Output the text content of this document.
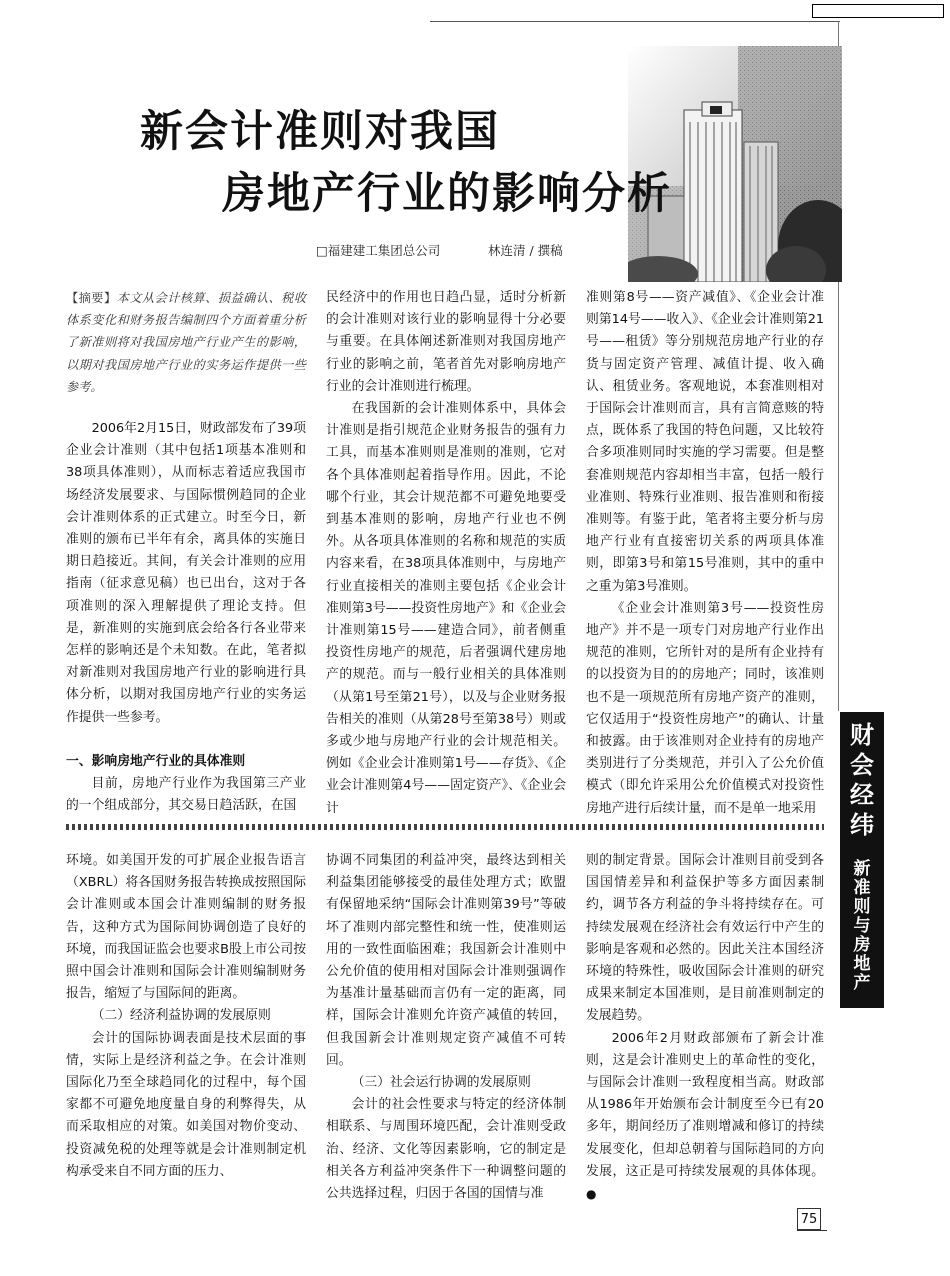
新会计准则对我国
房地产行业的影响分析
□福建建工集团总公司	林连清 / 撰稿
【摘要】本文从会计核算、损益确认、税收体系变化和财务报告编制四个方面着重分析了新准则将对我国房地产行业产生的影响，以期对我国房地产行业的实务运作提供一些参考。

2006年2月15日，财政部发布了39项企业会计准则（其中包括1项基本准则和38项具体准则），从而标志着适应我国市场经济发展要求、与国际惯例趋同的企业会计准则体系的正式建立。时至今日，新准则的颁布已半年有余，离具体的实施日期日趋接近。其间，有关会计准则的应用指南（征求意见稿）也已出台，这对于各项准则的深入理解提供了理论支持。但是，新准则的实施到底会给各行各业带来怎样的影响还是个未知数。在此，笔者拟对新准则对我国房地产行业的影响进行具体分析，以期对我国房地产行业的实务运作提供一些参考。

一、影响房地产行业的具体准则

目前，房地产行业作为我国第三产业的一个组成部分，其交易日趋活跃，在国

民经济中的作用也日趋凸显，适时分析新的会计准则对该行业的影响显得十分必要与重要。在具体阐述新准则对我国房地产行业的影响之前，笔者首先对影响房地产行业的会计准则进行梳理。

在我国新的会计准则体系中，具体会计准则是指引规范企业财务报告的强有力工具，而基本准则则是准则的准则，它对各个具体准则起着指导作用。因此，不论哪个行业，其会计规范都不可避免地要受到基本准则的影响，房地产行业也不例外。从各项具体准则的名称和规范的实质内容来看，在38项具体准则中，与房地产行业直接相关的准则主要包括《企业会计准则第3号——投资性房地产》和《企业会计准则第15号——建造合同》，前者侧重投资性房地产的规范，后者强调代建房地产的规范。而与一般行业相关的具体准则（从第1号至第21号），以及与企业财务报告相关的准则（从第28号至第38号）则或多或少地与房地产行业的会计规范相关。例如《企业会计准则第1号——存货》、《企业会计准则第4号——固定资产》、《企业会计

准则第8号——资产减值》、《企业会计准则第14号——收入》、《企业会计准则第21号——租赁》等分别规范房地产行业的存货与固定资产管理、减值计提、收入确认、租赁业务。客观地说，本套准则相对于国际会计准则而言，具有言简意赅的特点，既体系了我国的特色问题，又比较符合多项准则同时实施的学习需要。但是整套准则规范内容却相当丰富，包括一般行业准则、特殊行业准则、报告准则和衔接准则等。有鉴于此，笔者将主要分析与房地产行业有直接密切关系的两项具体准则，即第3号和第15号准则，其中的重中之重为第3号准则。

《企业会计准则第3号——投资性房地产》并不是一项专门对房地产行业作出规范的准则，它所针对的是所有企业持有的以投资为目的的房地产；同时，该准则也不是一项规范所有房地产资产的准则，它仅适用于“投资性房地产”的确认、计量和披露。由于该准则对企业持有的房地产类别进行了分类规范，并引入了公允价值模式（即允许采用公允价值模式对投资性房地产进行后续计量，而不是单一地采用

环境。如美国开发的可扩展企业报告语言（XBRL）将各国财务报告转换成按照国际会计准则或本国会计准则编制的财务报告，这种方式为国际间协调创造了良好的环境，而我国证监会也要求B股上市公司按照中国会计准则和国际会计准则编制财务报告，缩短了与国际间的距离。

（二）经济利益协调的发展原则

会计的国际协调表面是技术层面的事情，实际上是经济利益之争。在会计准则国际化乃至全球趋同化的过程中，每个国家都不可避免地度量自身的利弊得失，从而采取相应的对策。如美国对物价变动、投资减免税的处理等就是会计准则制定机构承受来自不同方面的压力、

协调不同集团的利益冲突，最终达到相关利益集团能够接受的最佳处理方式；欧盟有保留地采纳“国际会计准则第39号”等破坏了准则内部完整性和统一性，使准则运用的一致性面临困难；我国新会计准则中公允价值的使用相对国际会计准则强调作为基准计量基础而言仍有一定的距离，同样，国际会计准则允许资产减值的转回，但我国新会计准则规定资产减值不可转回。

（三）社会运行协调的发展原则

会计的社会性要求与特定的经济体制相联系、与周围环境匹配，会计准则受政治、经济、文化等因素影响，它的制定是相关各方利益冲突条件下一种调整问题的公共选择过程，归因于各国的国情与准

则的制定背景。国际会计准则目前受到各国国情差异和利益保护等多方面因素制约，调节各方利益的争斗将持续存在。可持续发展观在经济社会有效运行中产生的影响是客观和必然的。因此关注本国经济环境的特殊性，吸收国际会计准则的研究成果来制定本国准则，是目前准则制定的发展趋势。

2006年2月财政部颁布了新会计准则，这是会计准则史上的革命性的变化，与国际会计准则一致程度相当高。财政部从1986年开始颁布会计制度至今已有20多年，期间经历了准则增减和修订的持续发展变化，但却总朝着与国际趋同的方向发展，这正是可持续发展观的具体体现。 ●

财
会
经
纬
新
准
则
与
房
地
产
75
